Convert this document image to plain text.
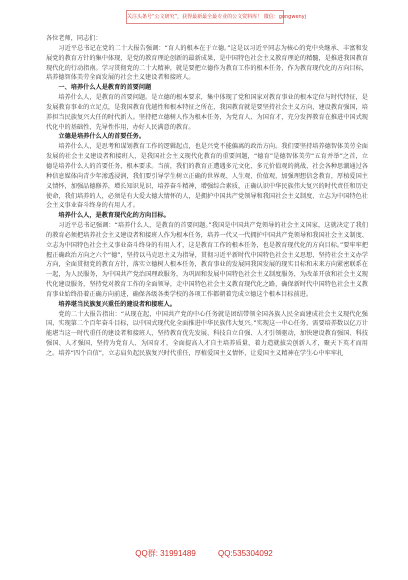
关注头条号“公文研究”，获得最新最全最专业的公文资料库！ 微信：gongwenyj

各位老师，同志们：

习近平总书记在党的二十大报告强调：“育人的根本在于立德。”这是以习近平同志为核心的党中央继承、丰富和发展党的教育方针的集中体现，是党的教育理论创新的最新成果，是中国特色社会主义教育理论的精髓，是推进我国教育现代化的行动指南。学习贯彻党的二十大精神，就是要把立德作为教育工作的根本任务，作为教育现代化的方向目标，培养德智体美劳全面发展的社会主义建设者和接班人。

一、培养什么人是教育的首要问题

培养什么人，是教育的首要问题。是立德的根本要求，集中体现了党和国家对教育事业的根本定位与时代特征，是发展教育事业的立足点，是我国教育优越性和根本特征之所在，我国教育就是要坚持社会主义方向，建设教育强国，培养担当民族复兴大任的时代新人。坚持把立德树人作为根本任务，为党育人、为国育才，充分发挥教育在推进中国式现代化中的基础性、先导性作用，办好人民满意的教育。

立德是培养什么人的首要任务。

培养什么人，是思考和谋划教育工作的逻辑起点，也是兴党不能偏离的政治方向。我们要坚持培养德智体美劳全面发展的社会主义建设者和接班人，是我国社会主义现代化教育的重要问题，“德育”是德智体美劳“五育并举”之首，立德是培养什么人的首要任务，根本要求。当前，我们的教育正遭遇多元文化、多元价值观的挑战，社会各种思潮通过各种信息媒体向青少年渗透浸润，我们要引导学生树立正确的世界观、人生观、价值观，加强理想信念教育，厚植爱国主义情怀，加强品德修养，增长知识见识，培养奋斗精神，增强综合素质，正确认识中华民族伟大复兴的时代责任和历史使命，我们培养的人，必须是有大爱大德大情怀的人，是拥护中国共产党领导和我国社会主义制度、立志为中国特色社会主义事业奋斗终身的有用人才。

培养什么人，是教育现代化的方向目标。

习近平总书记强调：“培养什么人，是教育的首要问题。”我国是中国共产党领导的社会主义国家，这就决定了我们的教育必须把培养社会主义建设者和接班人作为根本任务，培养一代又一代拥护中国共产党领导和我国社会主义制度、立志为中国特色社会主义事业奋斗终身的有用人才，这是教育工作的根本任务，也是教育现代化的方向目标。”要牢牢把握正确政治方向之六个“德”，坚持以马克思主义为指导，贯彻习近平新时代中国特色社会主义思想，坚持社会主义办学方向，全面贯彻党的教育方针，落实立德树人根本任务，教育事业的发展同我国发展的现实目标和未来方向紧密联系在一起，为人民服务，为中国共产党治国理政服务，为巩固和发展中国特色社会主义制度服务，为改革开放和社会主义现代化建设服务，坚持党对教育工作的全面领导，走中国特色社会主义教育现代化之路，确保新时代中国特色社会主义教育事业始终沿着正确方向前进，确保各级各类学校的各项工作都朝着完成立德这个根本目标前进。

培养堪当民族复兴重任的建设者和接班人。

党的二十大报告指出：“从现在起，中国共产党的中心任务就是团结带领全国各族人民全面建成社会主义现代化强国、实现第二个百年奋斗目标，以中国式现代化全面推进中华民族伟大复兴。”实现这一中心任务，需要培养数以亿万计能堪当这一时代重任的建设者和接班人，坚持教育优先发展、科技自立自强、人才引领驱动，加快建设教育强国、科技强国、人才强国，坚持为党育人、为国育才，全面提高人才自主培养质量，着力造就拔尖创新人才，聚天下英才而用之。培养“四个自信”，立志肩负起民族复兴时代重任，厚植爱国主义情怀，让爱国主义精神在学生心中牢牢扎

QQ群: 31991489	QQ:535304092
